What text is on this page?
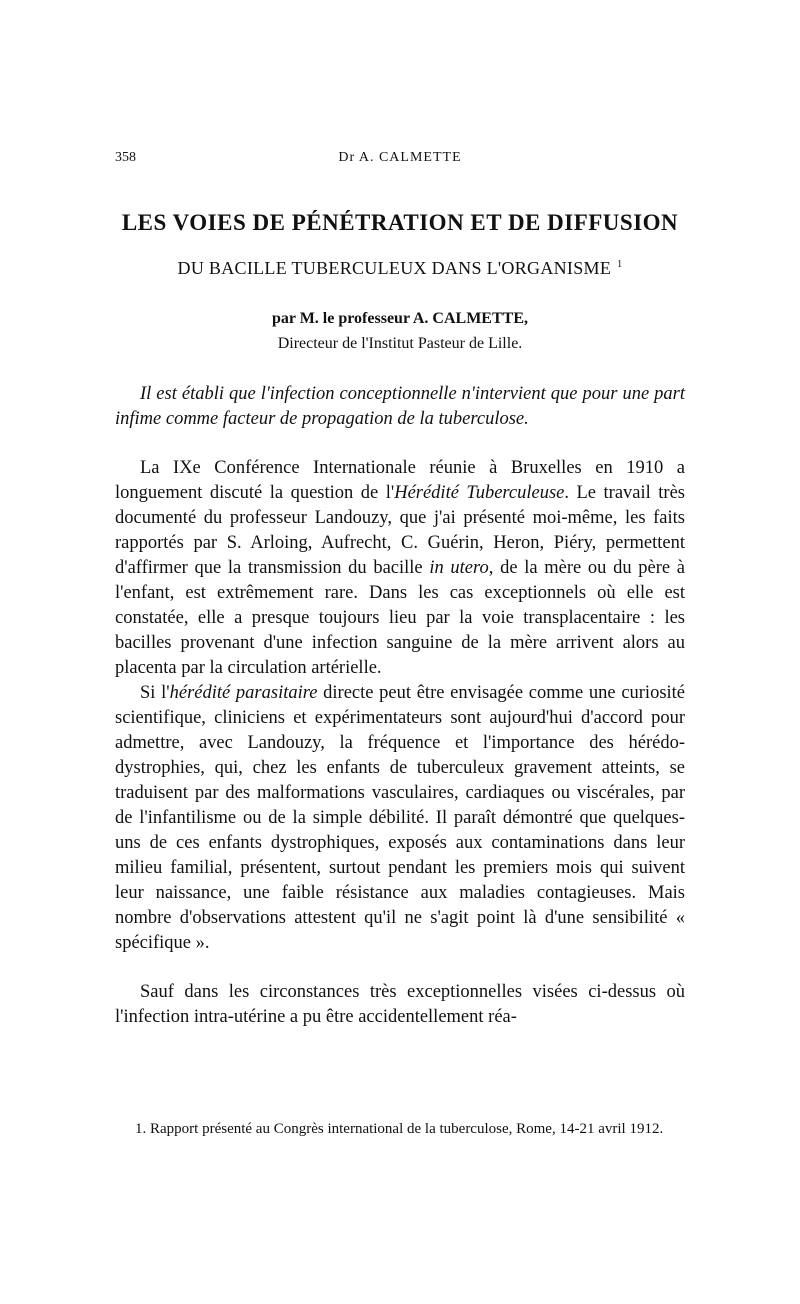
358	Dr A. CALMETTE
LES VOIES DE PÉNÉTRATION ET DE DIFFUSION
DU BACILLE TUBERCULEUX DANS L'ORGANISME $^1$
par M. le professeur A. CALMETTE,
Directeur de l'Institut Pasteur de Lille.

Il est établi que l'infection conceptionnelle n'intervient que pour une part infime comme facteur de propagation de la tuberculose.

La IXe Conférence Internationale réunie à Bruxelles en 1910 a longuement discuté la question de l'Hérédité Tuberculeuse. Le travail très documenté du professeur Landouzy, que j'ai présenté moi-même, les faits rapportés par S. Arloing, Aufrecht, C. Guérin, Heron, Piéry, permettent d'affirmer que la transmission du bacille in utero, de la mère ou du père à l'enfant, est extrêmement rare. Dans les cas exceptionnels où elle est constatée, elle a presque toujours lieu par la voie transplacentaire : les bacilles provenant d'une infection sanguine de la mère arrivent alors au placenta par la circulation artérielle.

Si l'hérédité parasitaire directe peut être envisagée comme une curiosité scientifique, cliniciens et expérimentateurs sont aujourd'hui d'accord pour admettre, avec Landouzy, la fréquence et l'importance des hérédo-dystrophies, qui, chez les enfants de tuberculeux gravement atteints, se traduisent par des malformations vasculaires, cardiaques ou viscérales, par de l'infantilisme ou de la simple débilité. Il paraît démontré que quelques-uns de ces enfants dystrophiques, exposés aux contaminations dans leur milieu familial, présentent, surtout pendant les premiers mois qui suivent leur naissance, une faible résistance aux maladies contagieuses. Mais nombre d'observations attestent qu'il ne s'agit point là d'une sensibilité « spécifique ».

Sauf dans les circonstances très exceptionnelles visées ci-dessus où l'infection intra-utérine a pu être accidentellement réa-

1. Rapport présenté au Congrès international de la tuberculose, Rome, 14-21 avril 1912.
